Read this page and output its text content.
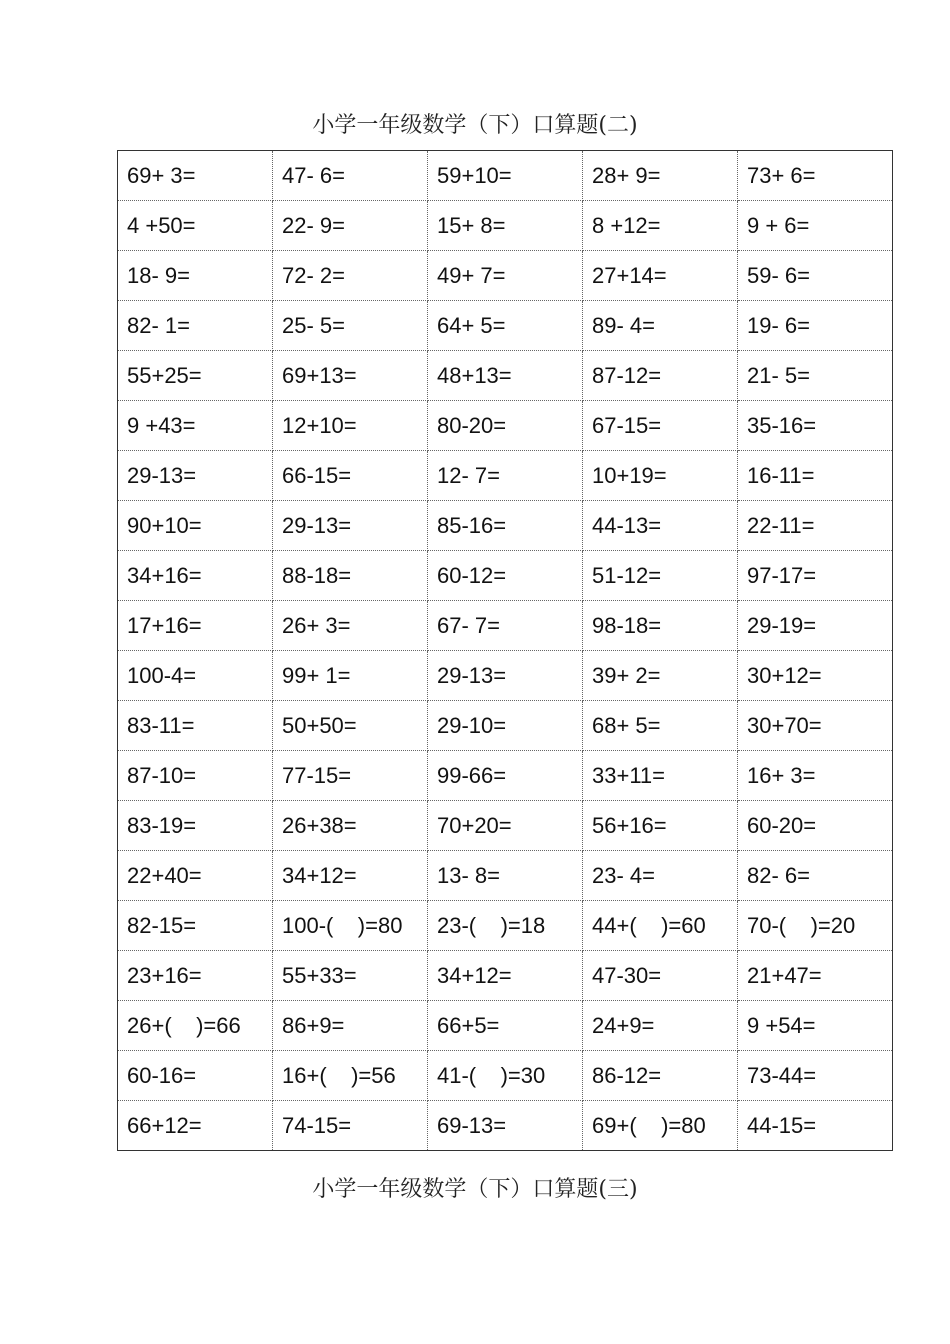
小学一年级数学（下）口算题(二)
69+ 3=	47- 6=	59+10=	28+ 9=	73+ 6=
4 +50=	22- 9=	15+ 8=	8 +12=	9 + 6=
18- 9=	72- 2=	49+ 7=	27+14=	59- 6=
82- 1=	25- 5=	64+ 5=	89- 4=	19- 6=
55+25=	69+13=	48+13=	87-12=	21- 5=
9 +43=	12+10=	80-20=	67-15=	35-16=
29-13=	66-15=	12- 7=	10+19=	16-11=
90+10=	29-13=	85-16=	44-13=	22-11=
34+16=	88-18=	60-12=	51-12=	97-17=
17+16=	26+ 3=	67- 7=	98-18=	29-19=
100-4=	99+ 1=	29-13=	39+ 2=	30+12=
83-11=	50+50=	29-10=	68+ 5=	30+70=
87-10=	77-15=	99-66=	33+11=	16+ 3=
83-19=	26+38=	70+20=	56+16=	60-20=
22+40=	34+12=	13- 8=	23- 4=	82- 6=
82-15=	100-(    )=80	23-(    )=18	44+(    )=60	70-(    )=20
23+16=	55+33=	34+12=	47-30=	21+47=
26+(    )=66	86+9=	66+5=	24+9=	9 +54=
60-16=	16+(    )=56	41-(    )=30	86-12=	73-44=
66+12=	74-15=	69-13=	69+(    )=80	44-15=
小学一年级数学（下）口算题(三)
